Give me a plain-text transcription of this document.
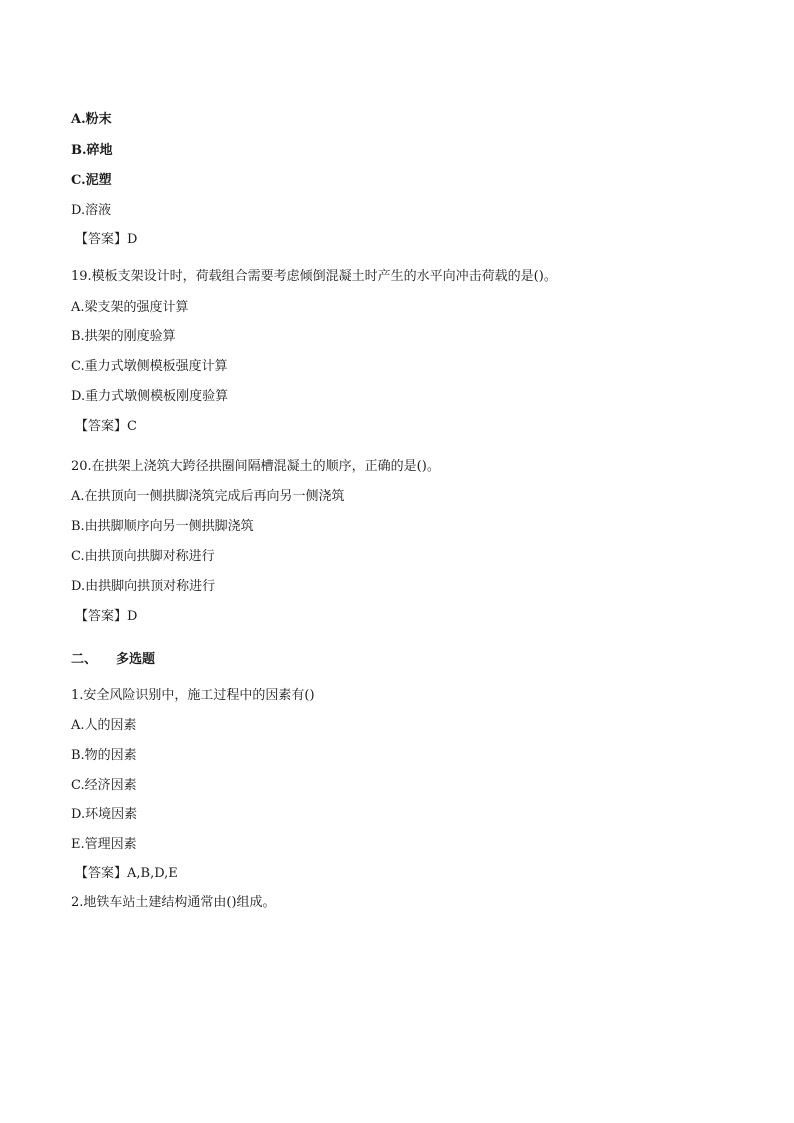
A.粉末
B.碎地
C.泥塑
D.溶液
【答案】D
19.模板支架设计时，荷载组合需要考虑倾倒混凝土时产生的水平向冲击荷载的是()。
A.梁支架的强度计算
B.拱架的刚度验算
C.重力式墩侧模板强度计算
D.重力式墩侧模板刚度验算
【答案】C
20.在拱架上浇筑大跨径拱圈间隔槽混凝土的顺序，正确的是()。
A.在拱顶向一侧拱脚浇筑完成后再向另一侧浇筑
B.由拱脚顺序向另一侧拱脚浇筑
C.由拱顶向拱脚对称进行
D.由拱脚向拱顶对称进行
【答案】D
二、 多选题
1.安全风险识别中，施工过程中的因素有()
A.人的因素
B.物的因素
C.经济因素
D.环境因素
E.管理因素
【答案】A,B,D,E
2.地铁车站土建结构通常由()组成。
